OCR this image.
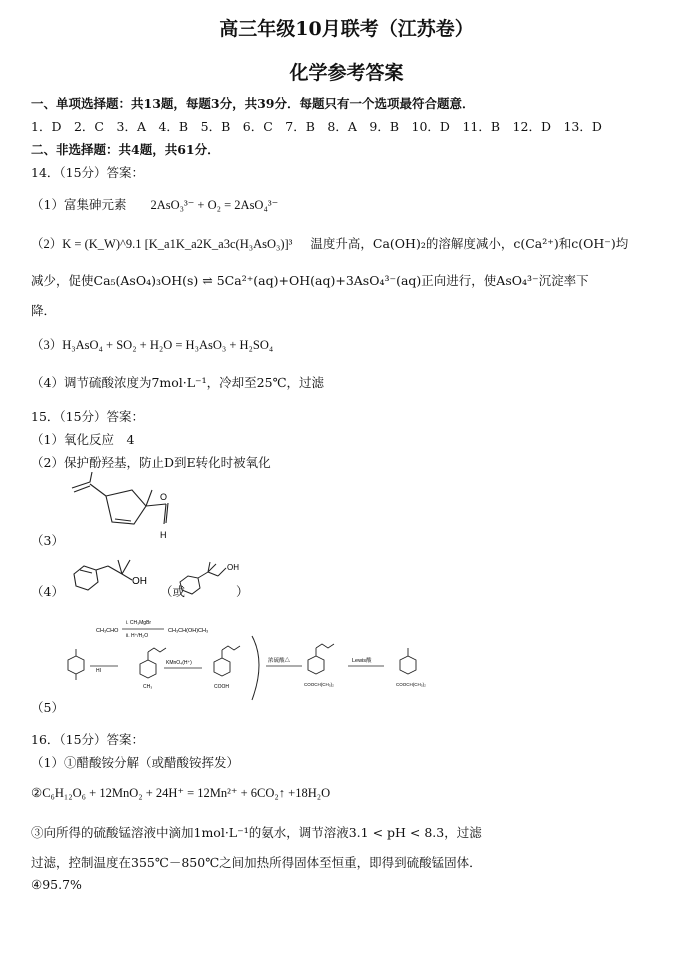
高三年级10月联考（江苏卷）
化学参考答案
一、单项选择题：共13题，每题3分，共39分．每题只有一个选项最符合题意．
1．D　2．C　3．A　4．B　5．B　6．C　7．B　8．A　9．B　10．D　11．B　12．D　13．D
二、非选择题：共4题，共61分．
14．（15分）答案：
（1）富集砷元素 2AsO₃³⁻ + O₂ = 2AsO₄³⁻
（2）K = (K_W)^9.1 [K_a1K_a2K_a3c(H₃AsO₃)]³ 温度升高，Ca(OH)₂的溶解度减小，c(Ca²⁺)和c(OH⁻)均
减少，促使Ca₅(AsO₄)₃OH(s) ⇌ 5Ca²⁺(aq)+OH(aq)+3AsO₄³⁻(aq)正向进行，使AsO₄³⁻沉淀率下
降．
（3）H₃AsO₄ + SO₂ + H₂O = H₃AsO₃ + H₂SO₄
（4）调节硫酸浓度为7mol·L⁻¹，冷却至25℃，过滤
15．（15分）答案：
（1）氧化反应　4
（2）保护酚羟基，防止D到E转化时被氧化
O
H
（3）
（4）
OH
（或
OH
）
CH₃CHO
i. CH₃MgBr
ii. H⁺/H₂O
CH₃CH(OH)CH₃
HI
CH₃
KMnO₄(H⁺)
COOH
浓硫酸△
COOCH(CH₃)₂
Lewis酸
COOCH(CH₃)₂
（5）
16．（15分）答案：
（1）①醋酸铵分解（或醋酸铵挥发）
②C₆H₁₂O₆ + 12MnO₂ + 24H⁺ = 12Mn²⁺ + 6CO₂↑ +18H₂O
③向所得的硫酸锰溶液中滴加1mol·L⁻¹的氨水，调节溶液3.1 < pH < 8.3，过滤
过滤，控制温度在355℃－850℃之间加热所得固体至恒重，即得到硫酸锰固体．
④95.7%
